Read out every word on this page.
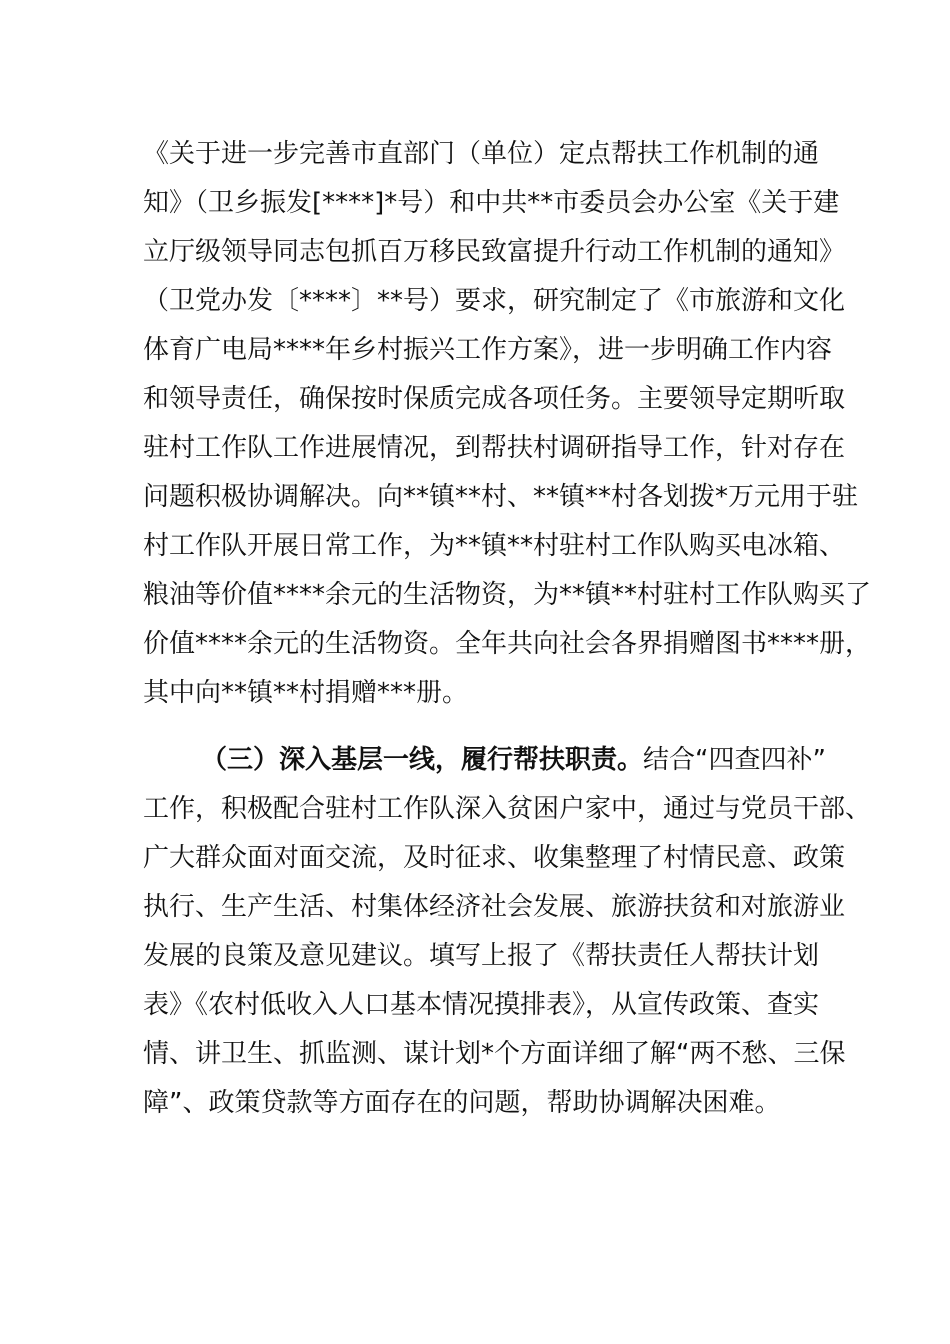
《关于进一步完善市直部门（单位）定点帮扶工作机制的通
知》（卫乡振发[****]*号）和中共**市委员会办公室《关于建
立厅级领导同志包抓百万移民致富提升行动工作机制的通知》
（卫党办发〔****〕**号）要求，研究制定了《市旅游和文化
体育广电局****年乡村振兴工作方案》，进一步明确工作内容
和领导责任，确保按时保质完成各项任务。主要领导定期听取
驻村工作队工作进展情况，到帮扶村调研指导工作，针对存在
问题积极协调解决。向**镇**村、**镇**村各划拨*万元用于驻
村工作队开展日常工作，为**镇**村驻村工作队购买电冰箱、
粮油等价值****余元的生活物资，为**镇**村驻村工作队购买了
价值****余元的生活物资。全年共向社会各界捐赠图书****册，
其中向**镇**村捐赠***册。
（三）深入基层一线，履行帮扶职责。结合“四查四补”
工作，积极配合驻村工作队深入贫困户家中，通过与党员干部、
广大群众面对面交流，及时征求、收集整理了村情民意、政策
执行、生产生活、村集体经济社会发展、旅游扶贫和对旅游业
发展的良策及意见建议。填写上报了《帮扶责任人帮扶计划
表》《农村低收入人口基本情况摸排表》，从宣传政策、查实
情、讲卫生、抓监测、谋计划*个方面详细了解“两不愁、三保
障”、政策贷款等方面存在的问题，帮助协调解决困难。
